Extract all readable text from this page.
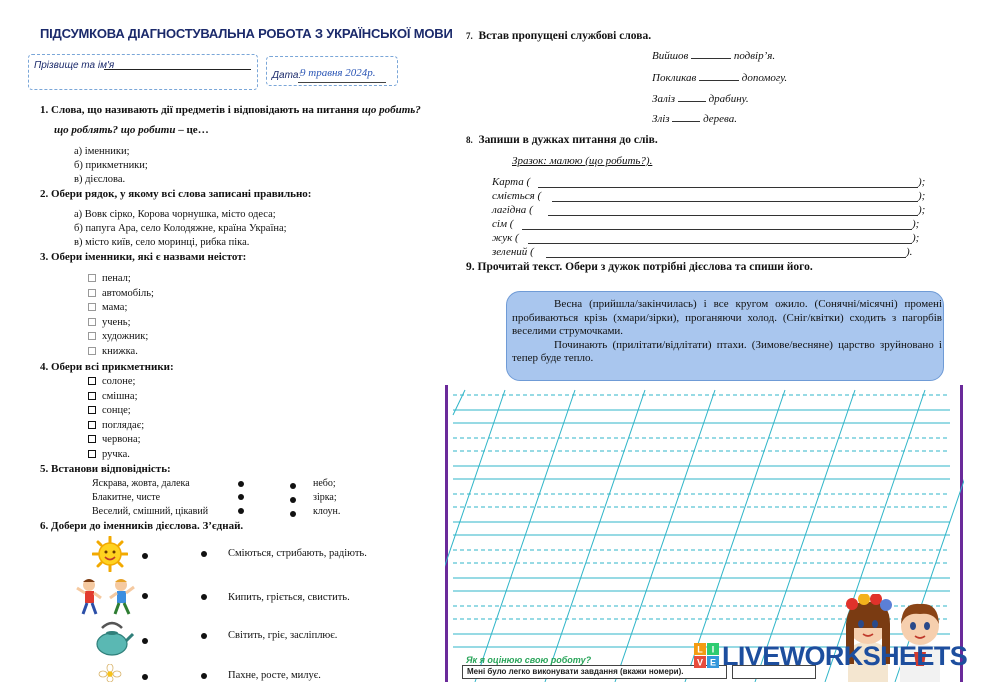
ПІДСУМКОВА ДІАГНОСТУВАЛЬНА РОБОТА З УКРАЇНСЬКОЇ МОВИ
Прізвище та ім'я
Дата:
9 травня 2024р.
1. Слова, що називають дії предметів і відповідають на питання що робить?
що роблять? що робити – це…
а) іменники;
б) прикметники;
в) дієслова.
2. Обери рядок, у якому всі слова записані правильно:
а) Вовк сірко, Корова чорнушка, місто одеса;
б) папуга Ара, село Колодяжне, країна Україна;
в) місто київ, село моринці, рибка піка.
3. Обери іменники, які є назвами неістот:
пенал;
автомобіль;
мама;
учень;
художник;
книжка.
4. Обери всі прикметники:
солоне;
смішна;
сонце;
поглядає;
червона;
ручка.
5. Встанови відповідність:
Яскрава, жовта, далека
Блакитне, чисте
Веселий, смішний, цікавий
небо;
зірка;
клоун.
6. Добери до іменників дієслова. З’єднай.
Сміються, стрибають, радіють.
Кипить, гріється, свистить.
Світить, гріє, засліплює.
Пахне, росте, милує.
7. Встав пропущені службові слова.
Вийшов	подвір’я.
Покликав	допомогу.
Заліз	драбину.
Зліз	дерева.
8. Запиши в дужках питання до слів.
Зразок: малюю (що робить?).
Карта (	);
сміється (	);
лагідна (	);
сім (	);
жук (	);
зелений (	).
9. Прочитай текст. Обери з дужок потрібні дієслова та спиши його.

Весна (прийшла/закінчилась) і все кругом ожило. (Сонячні/місячні) промені пробиваються крізь (хмари/зірки), проганяючи холод. (Сніг/квітки) сходить з пагорбів веселими струмочками.

Починають (прилітати/відлітати) птахи. (Зимове/весняне) царство зруйновано і тепер буде тепло.

Як я оцінюю свою роботу?
Мені було легко виконувати завдання (вкажи номери).
L I
V E LIVEWORKSHEETS
